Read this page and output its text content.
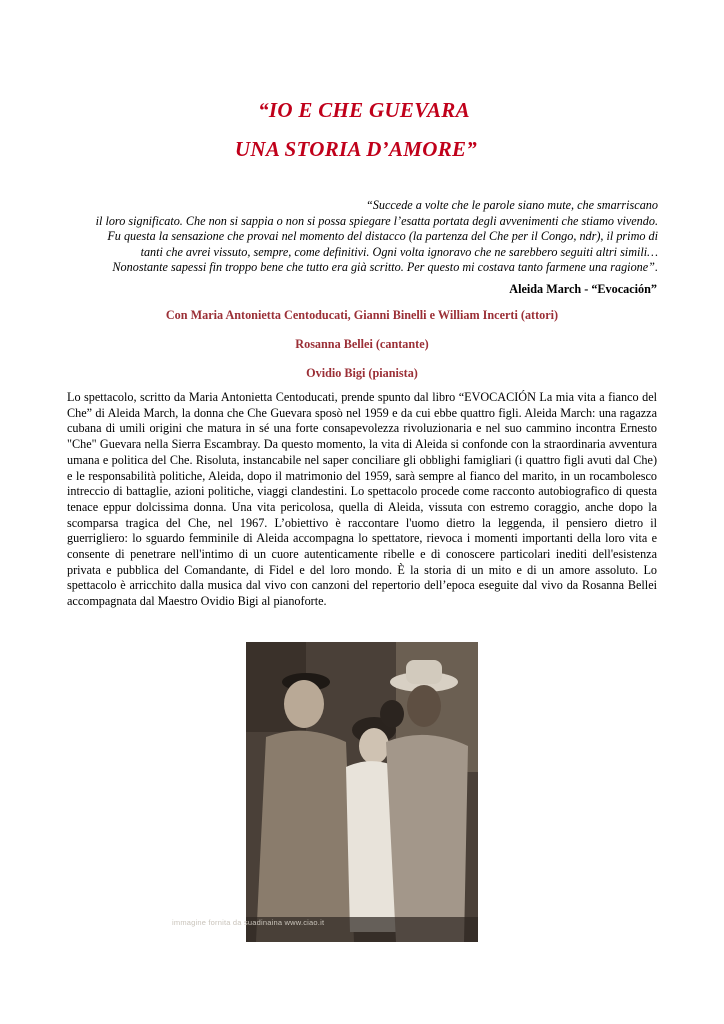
“IO E CHE GUEVARA
UNA STORIA D’AMORE”
“Succede a volte che le parole siano mute, che smarriscano
il loro significato. Che non si sappia o non si possa spiegare l’esatta portata degli avvenimenti che stiamo vivendo.
Fu questa la sensazione che provai nel momento del distacco (la partenza del Che per il Congo, ndr), il primo di
tanti che avrei vissuto, sempre, come definitivi. Ogni volta ignoravo che ne sarebbero seguiti altri simili…
Nonostante sapessi fin troppo bene che tutto era già scritto. Per questo mi costava tanto farmene una ragione”.
Aleida March - “Evocación”
Con Maria Antonietta Centoducati, Gianni Binelli e William Incerti (attori)
Rosanna Bellei (cantante)
Ovidio Bigi (pianista)
Lo spettacolo, scritto da Maria Antonietta Centoducati, prende spunto dal libro “EVOCACIÓN La mia vita a fianco del
Che” di Aleida March, la donna che Che Guevara sposò nel 1959 e da cui ebbe quattro figli. Aleida March: una ragazza
cubana di umili origini che matura in sé una forte consapevolezza rivoluzionaria e nel suo cammino incontra Ernesto
"Che" Guevara nella Sierra Escambray. Da questo momento, la vita di Aleida si confonde con la straordinaria avventura
umana e politica del Che. Risoluta, instancabile nel saper conciliare gli obblighi famigliari (i quattro figli avuti dal Che)
e le responsabilità politiche, Aleida, dopo il matrimonio del 1959, sarà sempre al fianco del marito, in un rocambolesco
intreccio di battaglie, azioni politiche, viaggi clandestini. Lo spettacolo procede come racconto autobiografico di questa
tenace eppur dolcissima donna. Una vita pericolosa, quella di Aleida, vissuta con estremo coraggio, anche dopo la
scomparsa tragica del Che, nel 1967. L’obiettivo è raccontare l'uomo dietro la leggenda, il pensiero dietro il
guerrigliero: lo sguardo femminile di Aleida accompagna lo spettatore, rievoca i momenti importanti della loro vita e
consente di penetrare nell'intimo di un cuore autenticamente ribelle e di conoscere particolari inediti dell'esistenza
privata e pubblica del Comandante, di Fidel e del loro mondo. È la storia di un mito e di un amore assoluto. Lo
spettacolo è arricchito dalla musica dal vivo con canzoni del repertorio dell’epoca eseguite dal vivo da Rosanna Bellei
accompagnata dal Maestro Ovidio Bigi al pianoforte.
immagine fornita da suadinaina www.ciao.it
